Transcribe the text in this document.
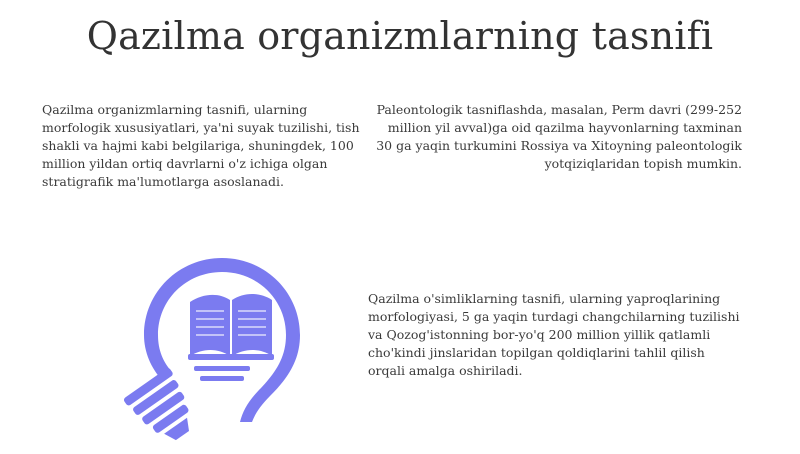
Qazilma organizmlarning tasnifi
Qazilma organizmlarning tasnifi, ularning morfologik xususiyatlari, ya'ni suyak tuzilishi, tish shakli va hajmi kabi belgilariga, shuningdek, 100 million yildan ortiq davrlarni o'z ichiga olgan stratigrafik ma'lumotlarga asoslanadi.
Paleontologik tasniflashda, masalan, Perm davri (299-252 million yil avval)ga oid qazilma hayvonlarning taxminan 30 ga yaqin turkumini Rossiya va Xitoyning paleontologik yotqiziqlaridan topish mumkin.
Qazilma o'simliklarning tasnifi, ularning yaproqlarining morfologiyasi, 5 ga yaqin turdagi changchilarning tuzilishi va Qozog'istonning bor-yo'q 200 million yillik qatlamli cho'kindi jinslaridan topilgan qoldiqlarini tahlil qilish orqali amalga oshiriladi.
